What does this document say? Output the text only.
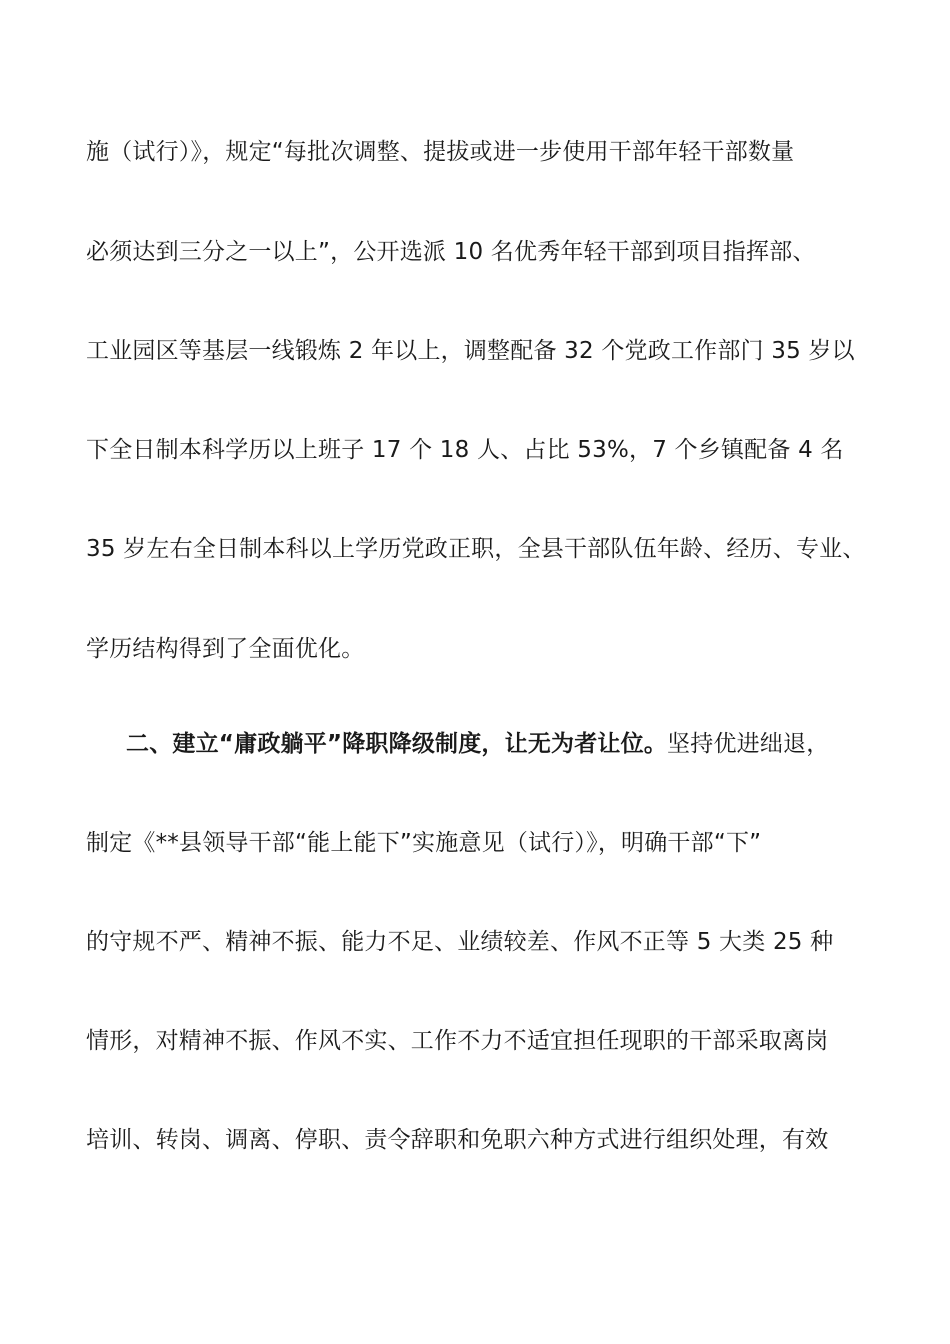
施（试行）》，规定“每批次调整、提拔或进一步使用干部年轻干部数量
必须达到三分之一以上”，公开选派 10 名优秀年轻干部到项目指挥部、
工业园区等基层一线锻炼 2 年以上，调整配备 32 个党政工作部门 35 岁以
下全日制本科学历以上班子 17 个 18 人、占比 53%，7 个乡镇配备 4 名
35 岁左右全日制本科以上学历党政正职，全县干部队伍年龄、经历、专业、
学历结构得到了全面优化。
二、建立“庸政躺平”降职降级制度，让无为者让位。坚持优进绌退，
制定《**县领导干部“能上能下”实施意见（试行）》，明确干部“下”
的守规不严、精神不振、能力不足、业绩较差、作风不正等 5 大类 25 种
情形，对精神不振、作风不实、工作不力不适宜担任现职的干部采取离岗
培训、转岗、调离、停职、责令辞职和免职六种方式进行组织处理，有效
